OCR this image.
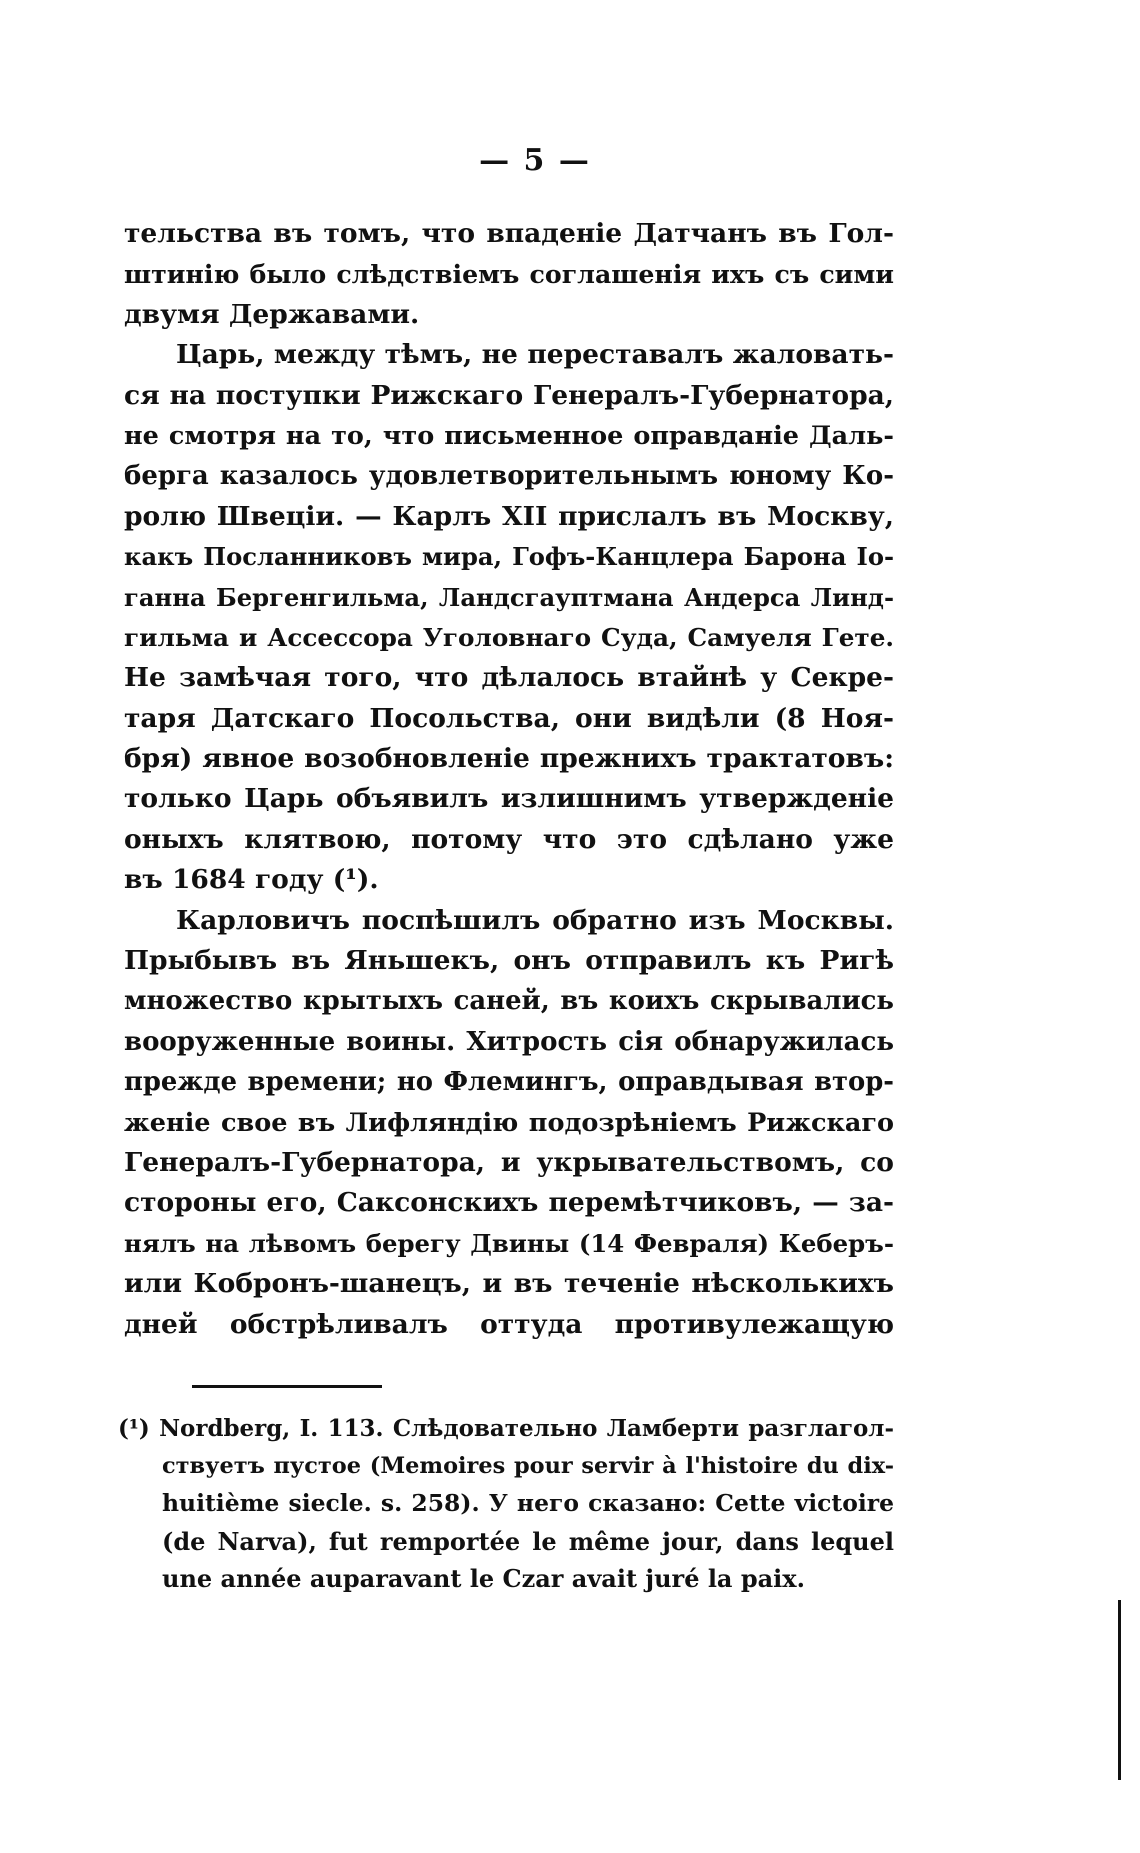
— 5 —
тельства въ томъ, что впаденіе Датчанъ въ Гол-
штинію было слѣдствіемъ соглашенія ихъ съ сими
двумя Державами.
Царь, между тѣмъ, не переставалъ жаловать-
ся на поступки Рижскаго Генералъ-Губернатора,
не смотря на то, что письменное оправданіе Даль-
берга казалось удовлетворительнымъ юному Ко-
ролю Швеціи. — Карлъ XII прислалъ въ Москву,
какъ Посланниковъ мира, Гофъ-Канцлера Барона Іо-
ганна Бергенгильма, Ландсгауптмана Андерса Линд-
гильма и Ассессора Уголовнаго Суда, Самуеля Гете.
Не замѣчая того, что дѣлалось втайнѣ у Секре-
таря Датскаго Посольства, они видѣли (8 Ноя-
бря) явное возобновленіе прежнихъ трактатовъ:
только Царь объявилъ излишнимъ утвержденіе
оныхъ клятвою, потому что это сдѣлано уже
въ 1684 году (¹).
Карловичъ поспѣшилъ обратно изъ Москвы.
Прыбывъ въ Яньшекъ, онъ отправилъ къ Ригѣ
множество крытыхъ саней, въ коихъ скрывались
вооруженные воины. Хитрость сія обнаружилась
прежде времени; но Флемингъ, оправдывая втор-
женіе свое въ Лифляндію подозрѣніемъ Рижскаго
Генералъ-Губернатора, и укрывательствомъ, со
стороны его, Саксонскихъ перемѣтчиковъ, — за-
нялъ на лѣвомъ берегу Двины (14 Февраля) Кеберъ-
или Кобронъ-шанецъ, и въ теченіе нѣсколькихъ
дней обстрѣливалъ оттуда противулежащую
(¹) Nordberg, I. 113. Слѣдовательно Ламберти разглагол-
ствуетъ пустое (Memoires pour servir à l'histoire du dix-
huitième siecle. s. 258). У него сказано: Cette victoire
(de Narva), fut remportée le même jour, dans lequel
une année auparavant le Czar avait juré la paix.
